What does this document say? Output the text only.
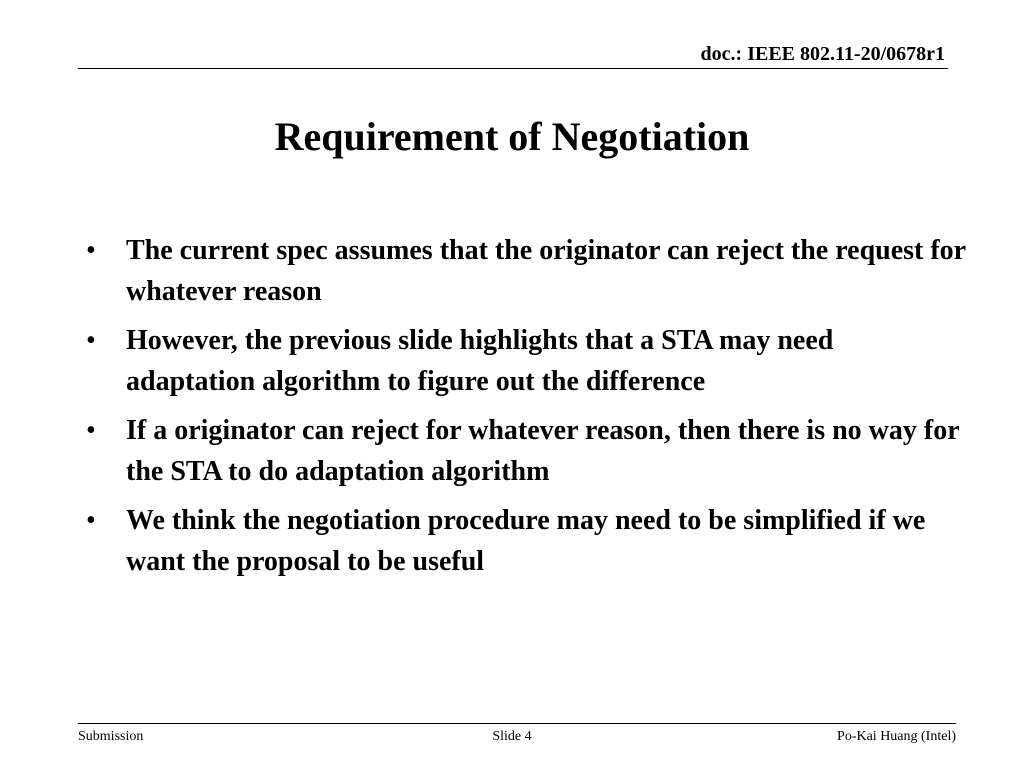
doc.: IEEE 802.11-20/0678r1
Requirement of Negotiation
• The current spec assumes that the originator can reject the request for whatever reason
• However, the previous slide highlights that a STA may need adaptation algorithm to figure out the difference
• If a originator can reject for whatever reason, then there is no way for the STA to do adaptation algorithm
• We think the negotiation procedure may need to be simplified if we want the proposal to be useful
Submission	Slide 4	Po-Kai Huang (Intel)
